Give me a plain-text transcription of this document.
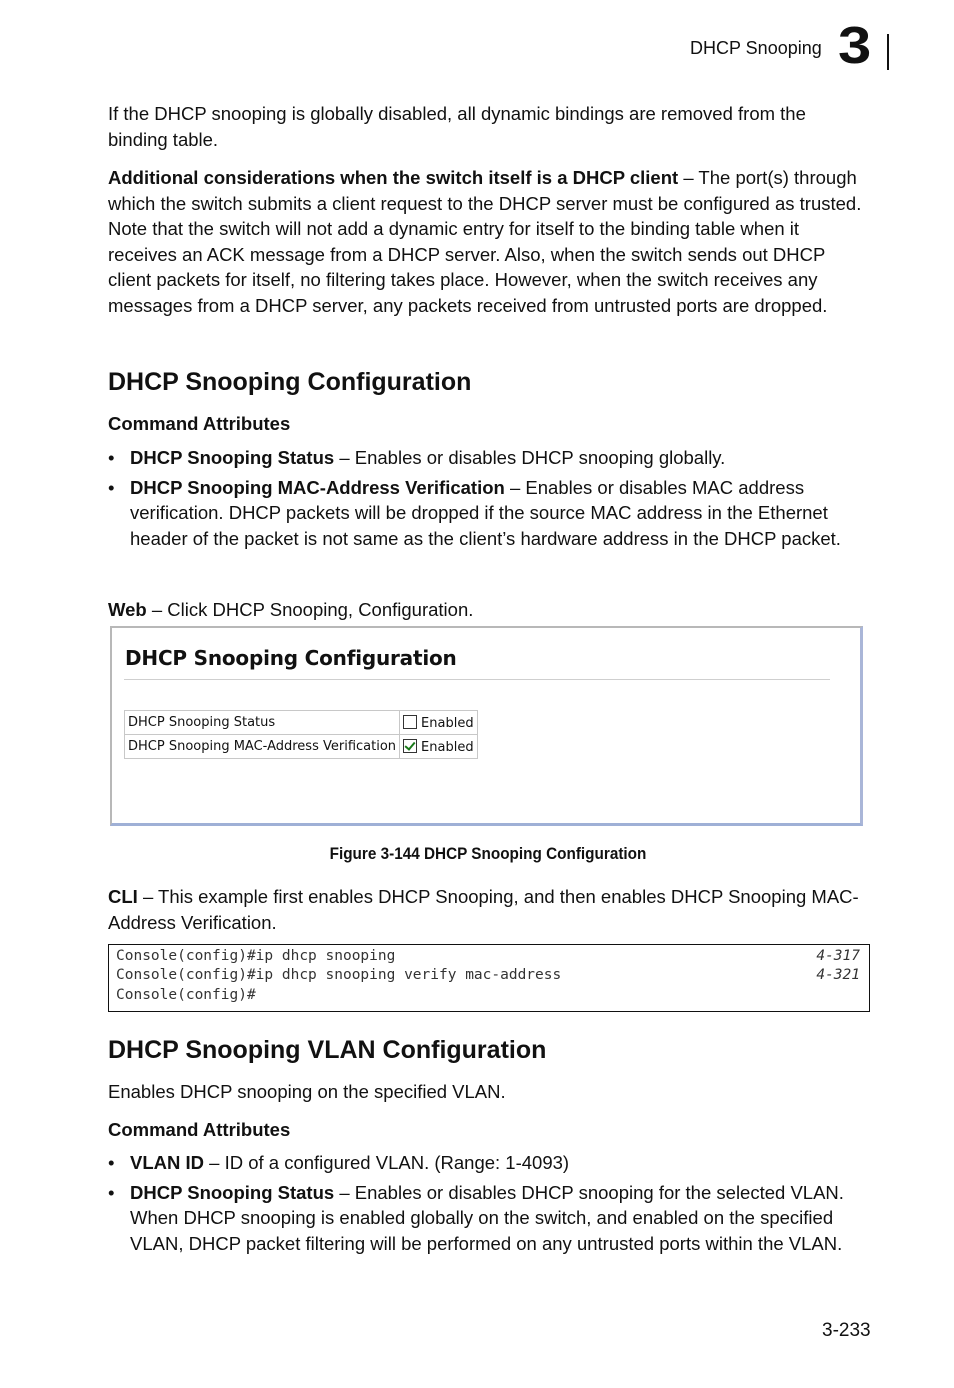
DHCP Snooping 3
If the DHCP snooping is globally disabled, all dynamic bindings are removed from the binding table.
Additional considerations when the switch itself is a DHCP client – The port(s) through which the switch submits a client request to the DHCP server must be configured as trusted. Note that the switch will not add a dynamic entry for itself to the binding table when it receives an ACK message from a DHCP server. Also, when the switch sends out DHCP client packets for itself, no filtering takes place. However, when the switch receives any messages from a DHCP server, any packets received from untrusted ports are dropped.
DHCP Snooping Configuration
Command Attributes
• DHCP Snooping Status – Enables or disables DHCP snooping globally.
• DHCP Snooping MAC-Address Verification – Enables or disables MAC address verification. DHCP packets will be dropped if the source MAC address in the Ethernet header of the packet is not same as the client’s hardware address in the DHCP packet.
Web – Click DHCP Snooping, Configuration.
DHCP Snooping Configuration
DHCP Snooping Status	Enabled
DHCP Snooping MAC-Address Verification	Enabled
Figure 3-144 DHCP Snooping Configuration
CLI – This example first enables DHCP Snooping, and then enables DHCP Snooping MAC-Address Verification.
Console(config)#ip dhcp snooping	4-317
Console(config)#ip dhcp snooping verify mac-address	4-321
Console(config)#
DHCP Snooping VLAN Configuration
Enables DHCP snooping on the specified VLAN.
Command Attributes
• VLAN ID – ID of a configured VLAN. (Range: 1-4093)
• DHCP Snooping Status – Enables or disables DHCP snooping for the selected VLAN. When DHCP snooping is enabled globally on the switch, and enabled on the specified VLAN, DHCP packet filtering will be performed on any untrusted ports within the VLAN.
3-233
